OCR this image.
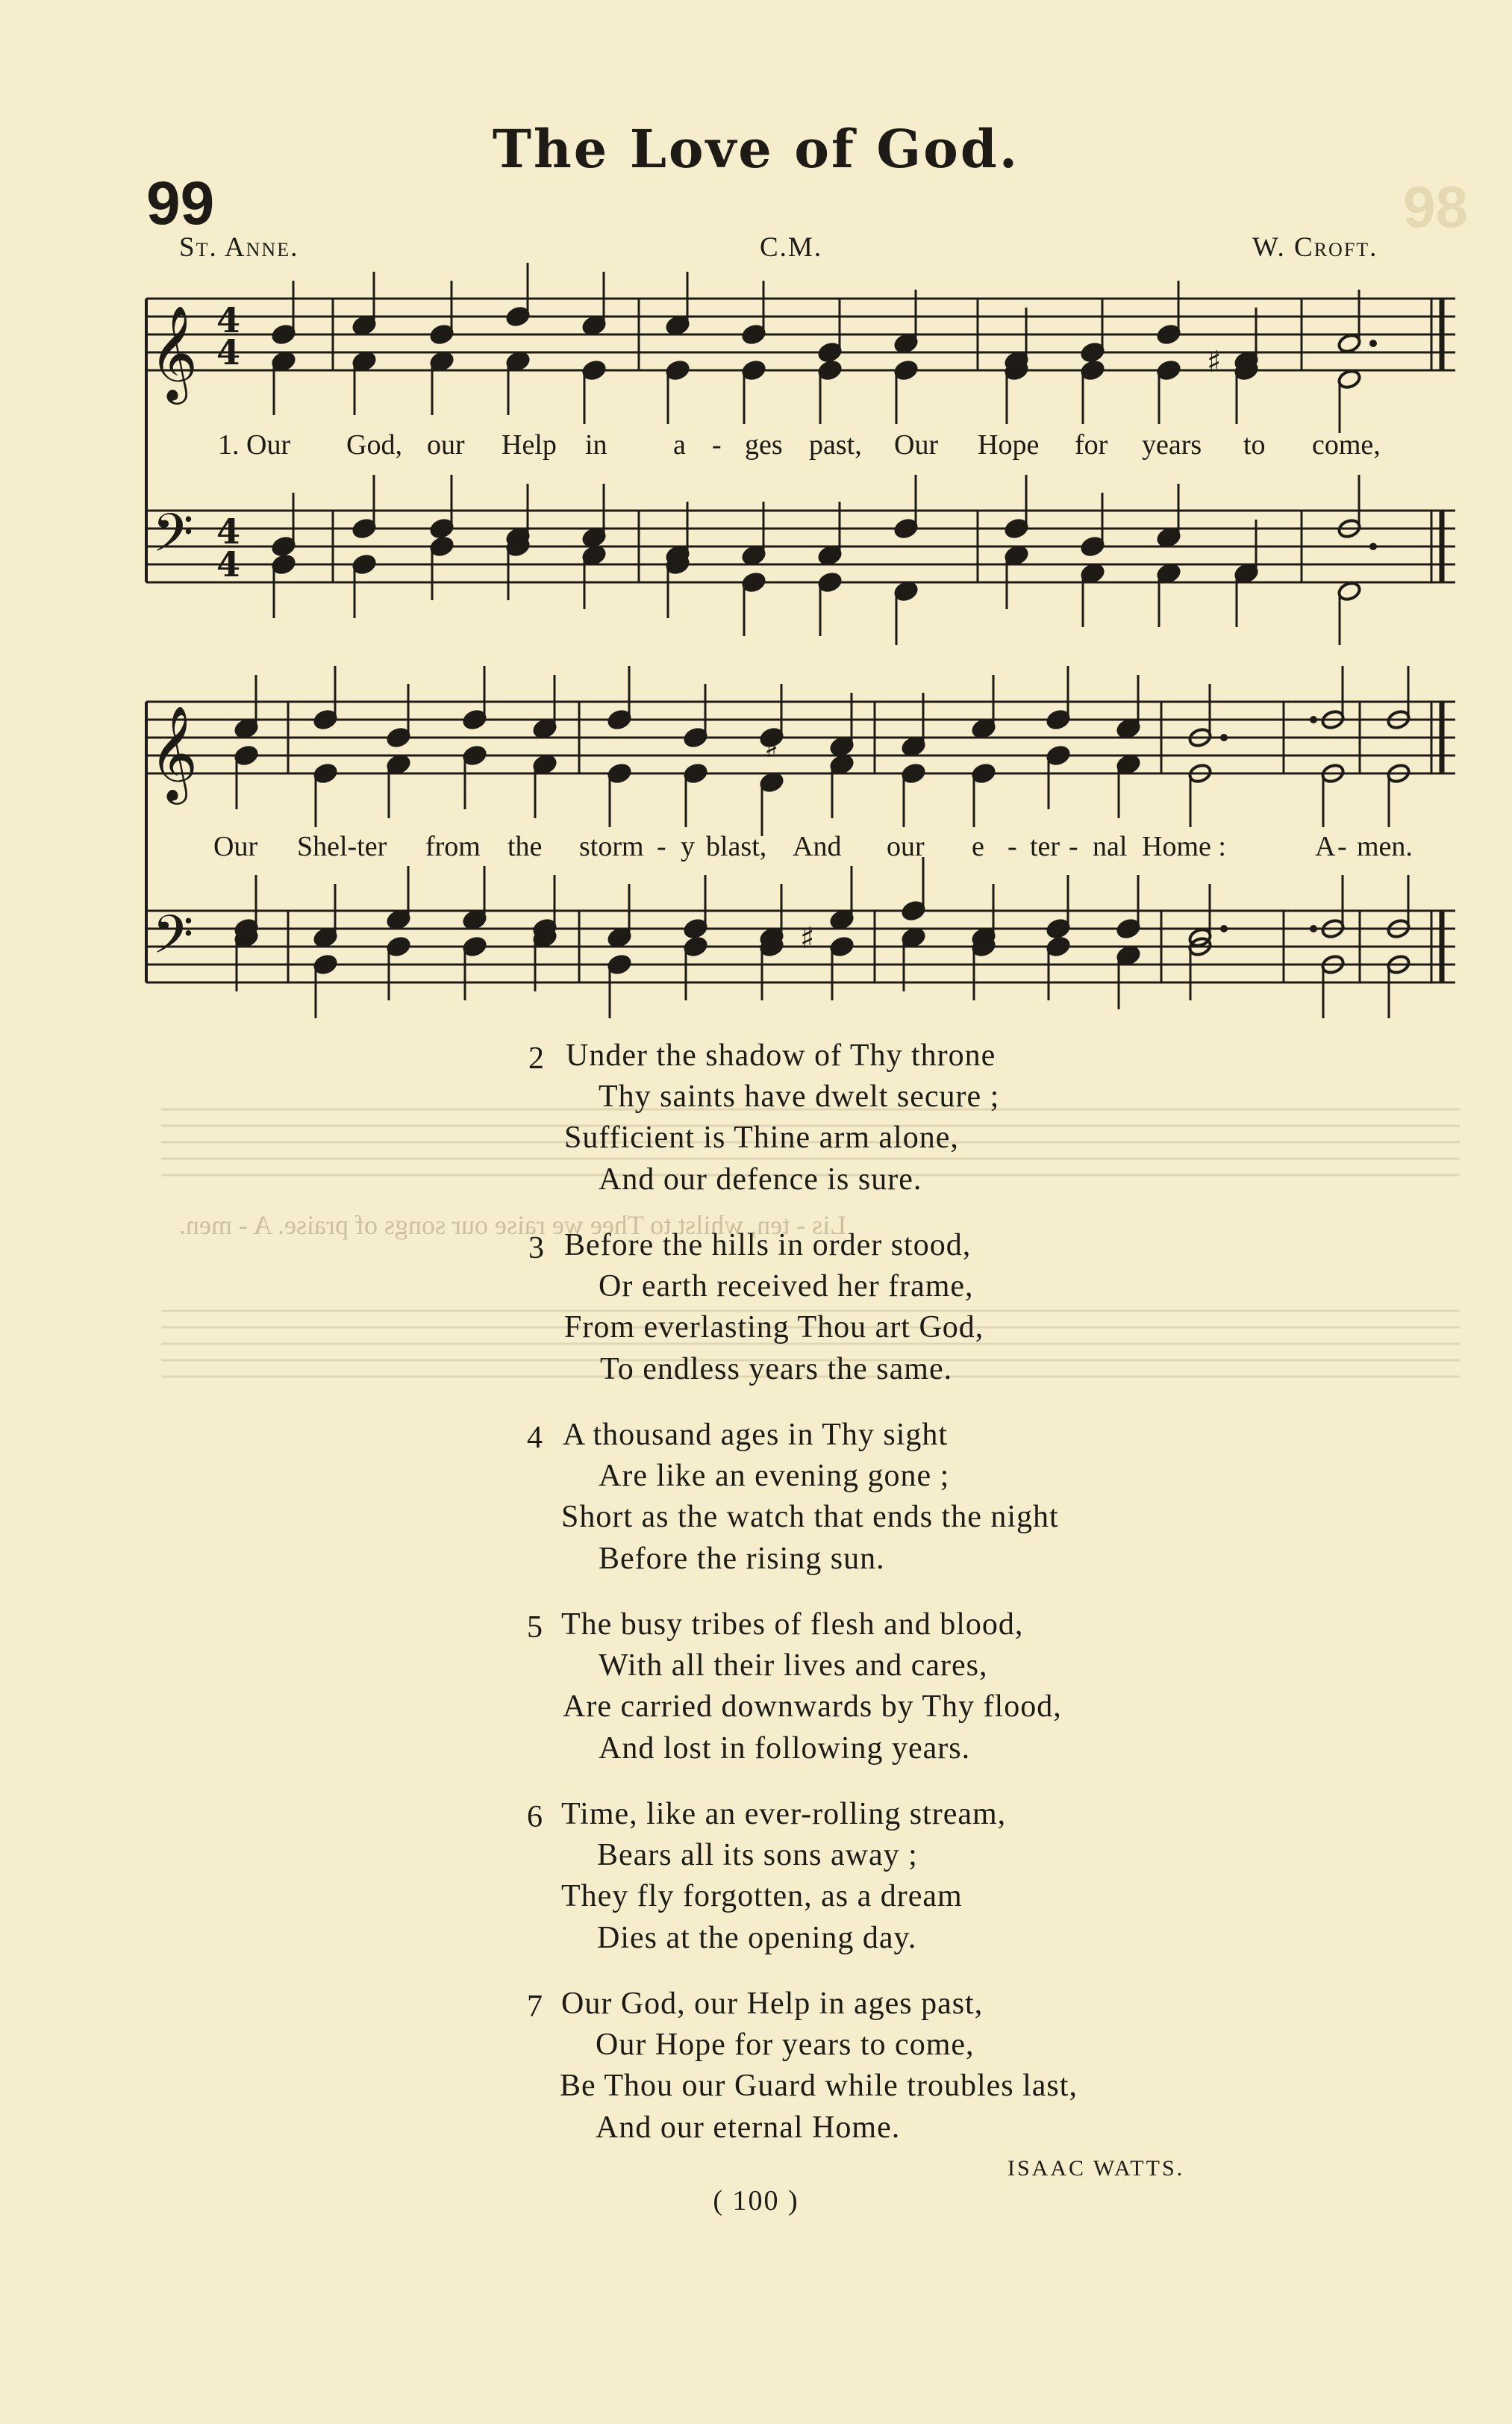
The Love of God.
99	98
St. Anne.	C.M.	W. Croft.
Lis - ten, whilst to Thee we raise our songs of praise. A - men.
♯
♯
♯
𝄞
𝄢
𝄞
𝄢
4
4
4
4
1. Our God, our Help in a - ges past, Our Hope for years to come,
Our Shel-ter from the storm - y blast, And our e - ter - nal Home :	A - men.
2 Under the shadow of Thy throne
Thy saints have dwelt secure ;
Sufficient is Thine arm alone,
And our defence is sure.
3 Before the hills in order stood,
Or earth received her frame,
From everlasting Thou art God,
To endless years the same.
4 A thousand ages in Thy sight
Are like an evening gone ;
Short as the watch that ends the night
Before the rising sun.
5 The busy tribes of flesh and blood,
With all their lives and cares,
Are carried downwards by Thy flood,
And lost in following years.
6 Time, like an ever-rolling stream,
Bears all its sons away ;
They fly forgotten, as a dream
Dies at the opening day.
7 Our God, our Help in ages past,
Our Hope for years to come,
Be Thou our Guard while troubles last,
And our eternal Home.
ISAAC WATTS.
( 100 )
